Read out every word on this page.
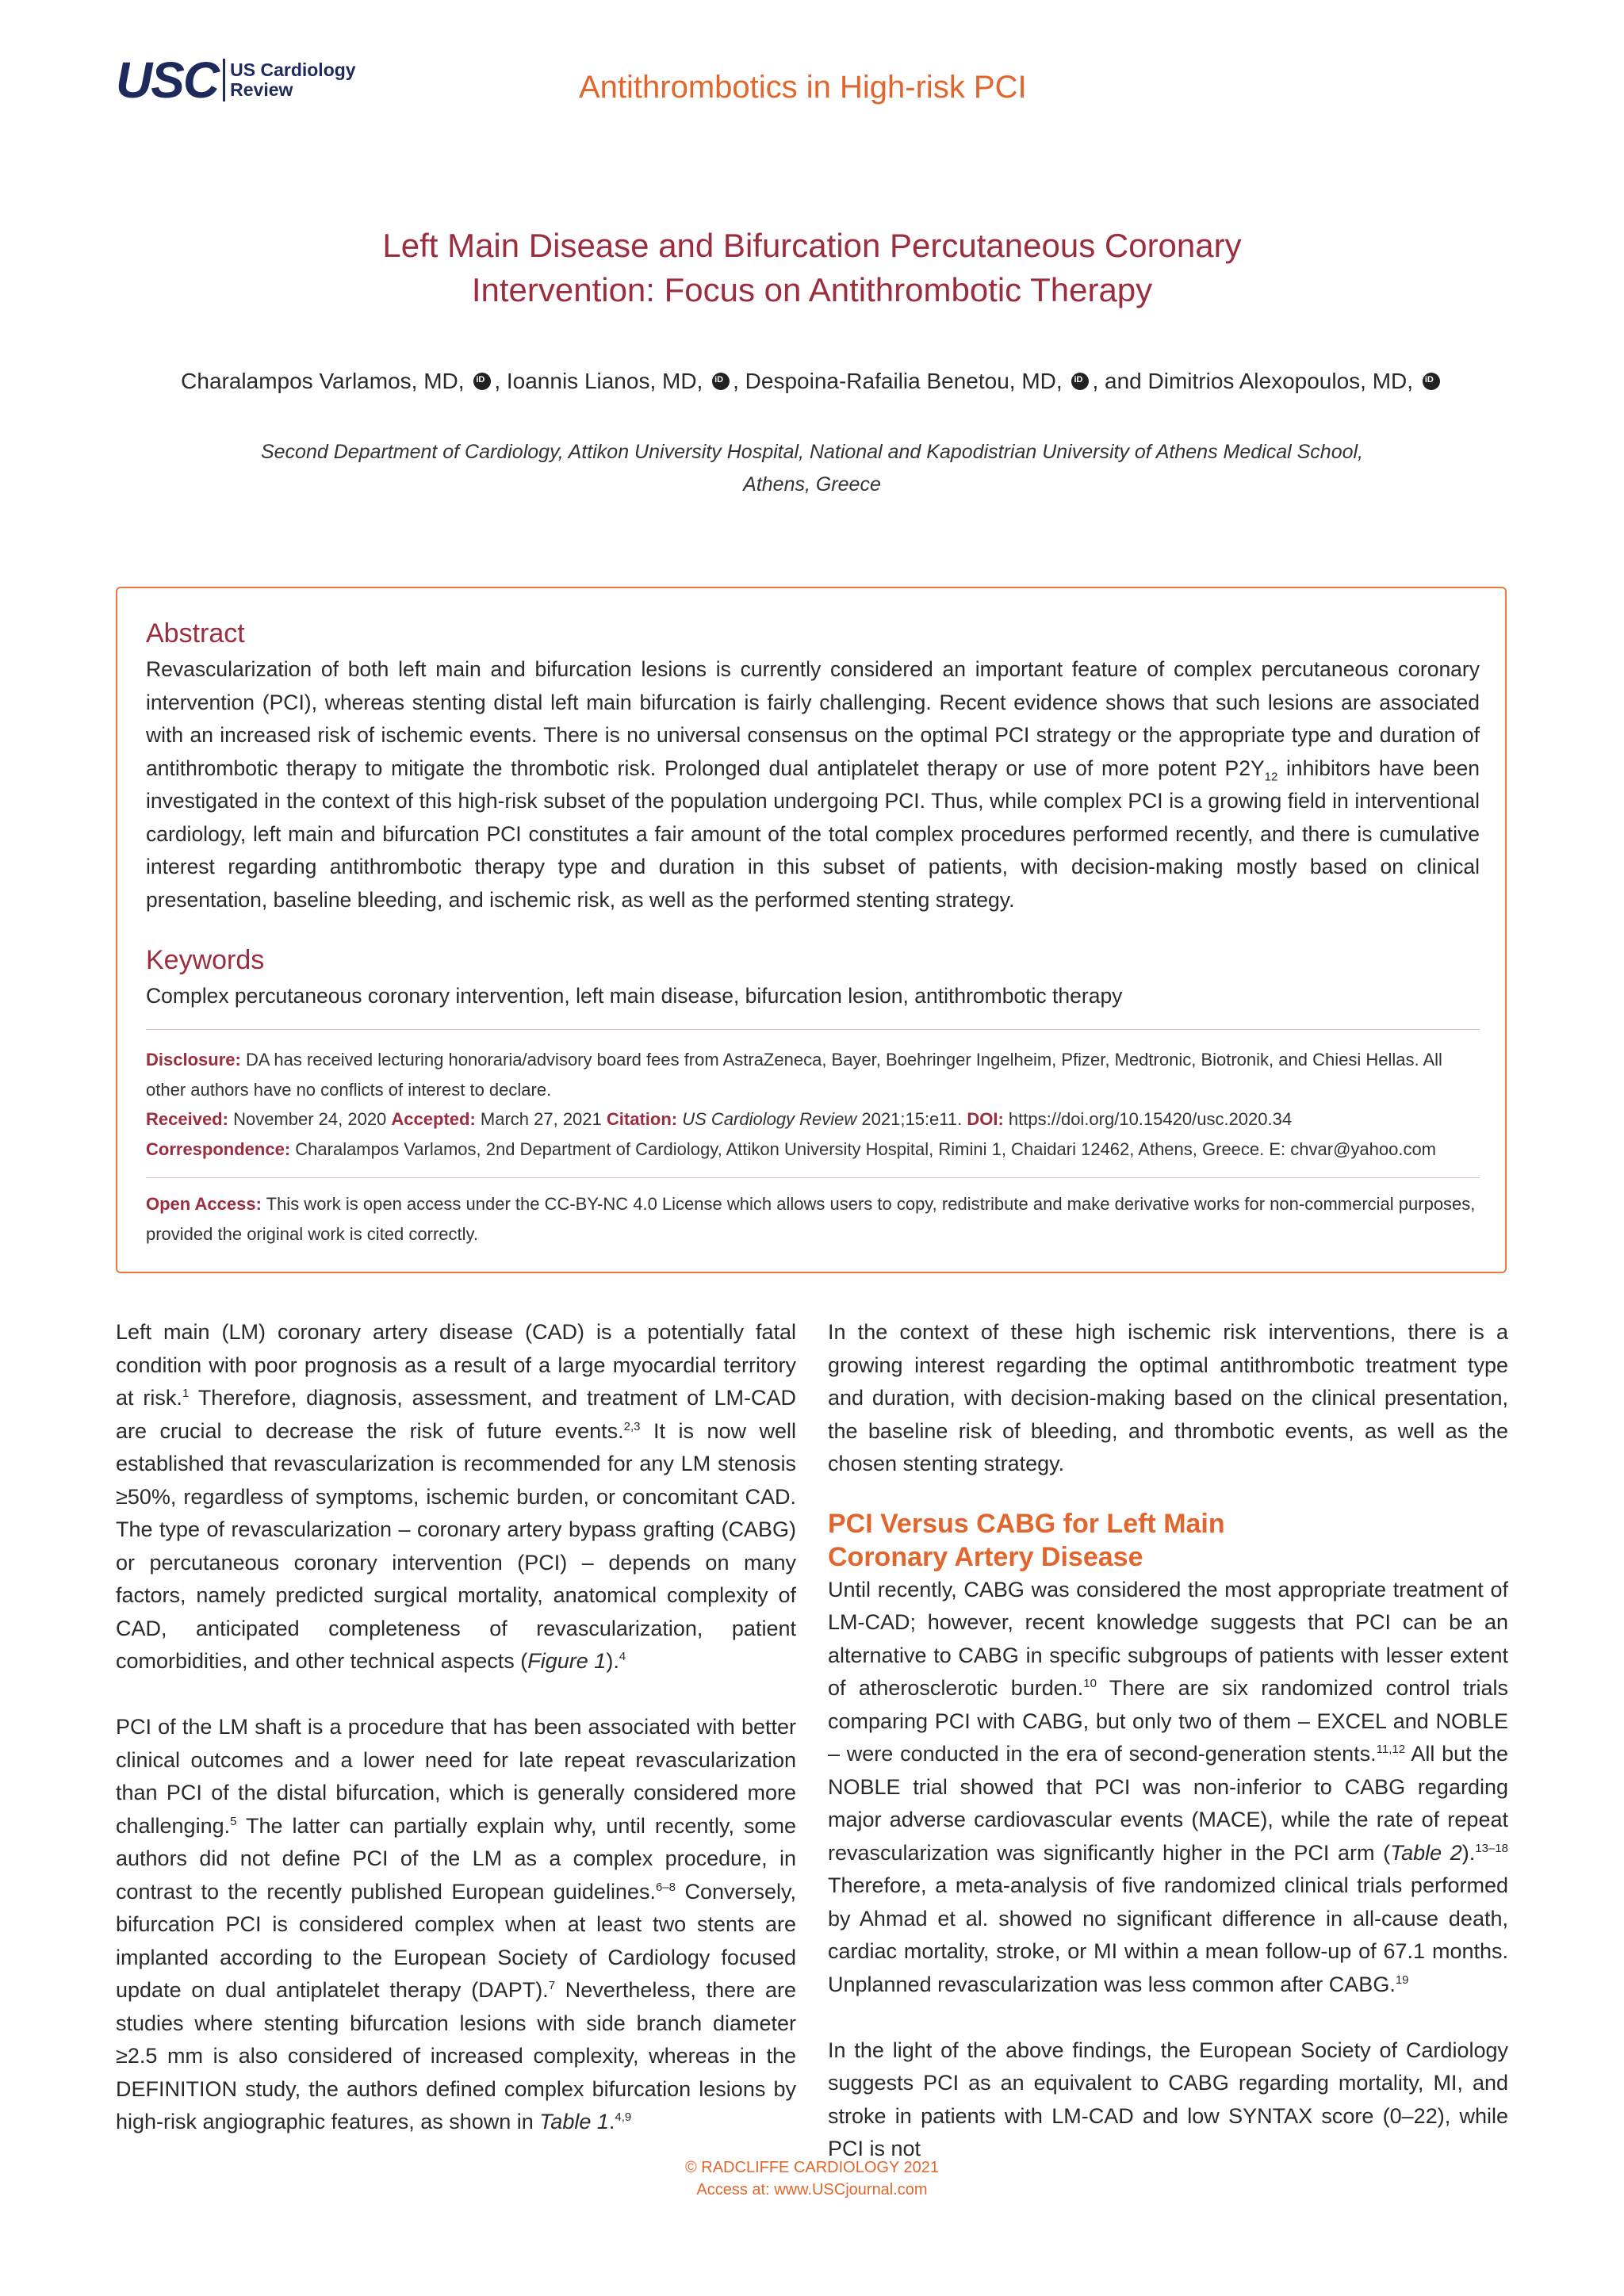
USC US Cardiology
Review	Antithrombotics in High-risk PCI
Left Main Disease and Bifurcation Percutaneous Coronary
Intervention: Focus on Antithrombotic Therapy
Charalampos Varlamos, MD, iD , Ioannis Lianos, MD, iD , Despoina-Rafailia Benetou, MD, iD , and Dimitrios Alexopoulos, MD, iD
Second Department of Cardiology, Attikon University Hospital, National and Kapodistrian University of Athens Medical School,
Athens, Greece
Abstract
Revascularization of both left main and bifurcation lesions is currently considered an important feature of complex percutaneous coronary intervention (PCI), whereas stenting distal left main bifurcation is fairly challenging. Recent evidence shows that such lesions are associated with an increased risk of ischemic events. There is no universal consensus on the optimal PCI strategy or the appropriate type and duration of antithrombotic therapy to mitigate the thrombotic risk. Prolonged dual antiplatelet therapy or use of more potent $P2Y_{12}$ inhibitors have been investigated in the context of this high-risk subset of the population undergoing PCI. Thus, while complex PCI is a growing field in interventional cardiology, left main and bifurcation PCI constitutes a fair amount of the total complex procedures performed recently, and there is cumulative interest regarding antithrombotic therapy type and duration in this subset of patients, with decision-making mostly based on clinical presentation, baseline bleeding, and ischemic risk, as well as the performed stenting strategy.
Keywords
Complex percutaneous coronary intervention, left main disease, bifurcation lesion, antithrombotic therapy
Disclosure: DA has received lecturing honoraria/advisory board fees from AstraZeneca, Bayer, Boehringer Ingelheim, Pfizer, Medtronic, Biotronik, and Chiesi Hellas. All other authors have no conflicts of interest to declare.
Received: November 24, 2020 Accepted: March 27, 2021 Citation: US Cardiology Review 2021;15:e11. DOI: https://doi.org/10.15420/usc.2020.34
Correspondence: Charalampos Varlamos, 2nd Department of Cardiology, Attikon University Hospital, Rimini 1, Chaidari 12462, Athens, Greece. E: chvar@yahoo.com
Open Access: This work is open access under the CC-BY-NC 4.0 License which allows users to copy, redistribute and make derivative works for non-commercial purposes, provided the original work is cited correctly.

Left main (LM) coronary artery disease (CAD) is a potentially fatal condition with poor prognosis as a result of a large myocardial territory at risk.$^1$ Therefore, diagnosis, assessment, and treatment of LM-CAD are crucial to decrease the risk of future events.$^{2,3}$ It is now well established that revascularization is recommended for any LM stenosis ≥50%, regardless of symptoms, ischemic burden, or concomitant CAD. The type of revascularization – coronary artery bypass grafting (CABG) or percutaneous coronary intervention (PCI) – depends on many factors, namely predicted surgical mortality, anatomical complexity of CAD, anticipated completeness of revascularization, patient comorbidities, and other technical aspects (Figure 1).$^4$

PCI of the LM shaft is a procedure that has been associated with better clinical outcomes and a lower need for late repeat revascularization than PCI of the distal bifurcation, which is generally considered more challenging.$^5$ The latter can partially explain why, until recently, some authors did not define PCI of the LM as a complex procedure, in contrast to the recently published European guidelines.$^{6-8}$ Conversely, bifurcation PCI is considered complex when at least two stents are implanted according to the European Society of Cardiology focused update on dual antiplatelet therapy (DAPT).$^7$ Nevertheless, there are studies where stenting bifurcation lesions with side branch diameter ≥2.5 mm is also considered of increased complexity, whereas in the DEFINITION study, the authors defined complex bifurcation lesions by high-risk angiographic features, as shown in Table 1.$^{4,9}$

In the context of these high ischemic risk interventions, there is a growing interest regarding the optimal antithrombotic treatment type and duration, with decision-making based on the clinical presentation, the baseline risk of bleeding, and thrombotic events, as well as the chosen stenting strategy.

PCI Versus CABG for Left Main
Coronary Artery Disease

Until recently, CABG was considered the most appropriate treatment of LM-CAD; however, recent knowledge suggests that PCI can be an alternative to CABG in specific subgroups of patients with lesser extent of atherosclerotic burden.$^{10}$ There are six randomized control trials comparing PCI with CABG, but only two of them – EXCEL and NOBLE – were conducted in the era of second-generation stents.$^{11,12}$ All but the NOBLE trial showed that PCI was non-inferior to CABG regarding major adverse cardiovascular events (MACE), while the rate of repeat revascularization was significantly higher in the PCI arm (Table 2).$^{13-18}$ Therefore, a meta-analysis of five randomized clinical trials performed by Ahmad et al. showed no significant difference in all-cause death, cardiac mortality, stroke, or MI within a mean follow-up of 67.1 months. Unplanned revascularization was less common after CABG.$^{19}$

In the light of the above findings, the European Society of Cardiology suggests PCI as an equivalent to CABG regarding mortality, MI, and stroke in patients with LM-CAD and low SYNTAX score (0–22), while PCI is not

© RADCLIFFE CARDIOLOGY 2021
Access at: www.USCjournal.com
